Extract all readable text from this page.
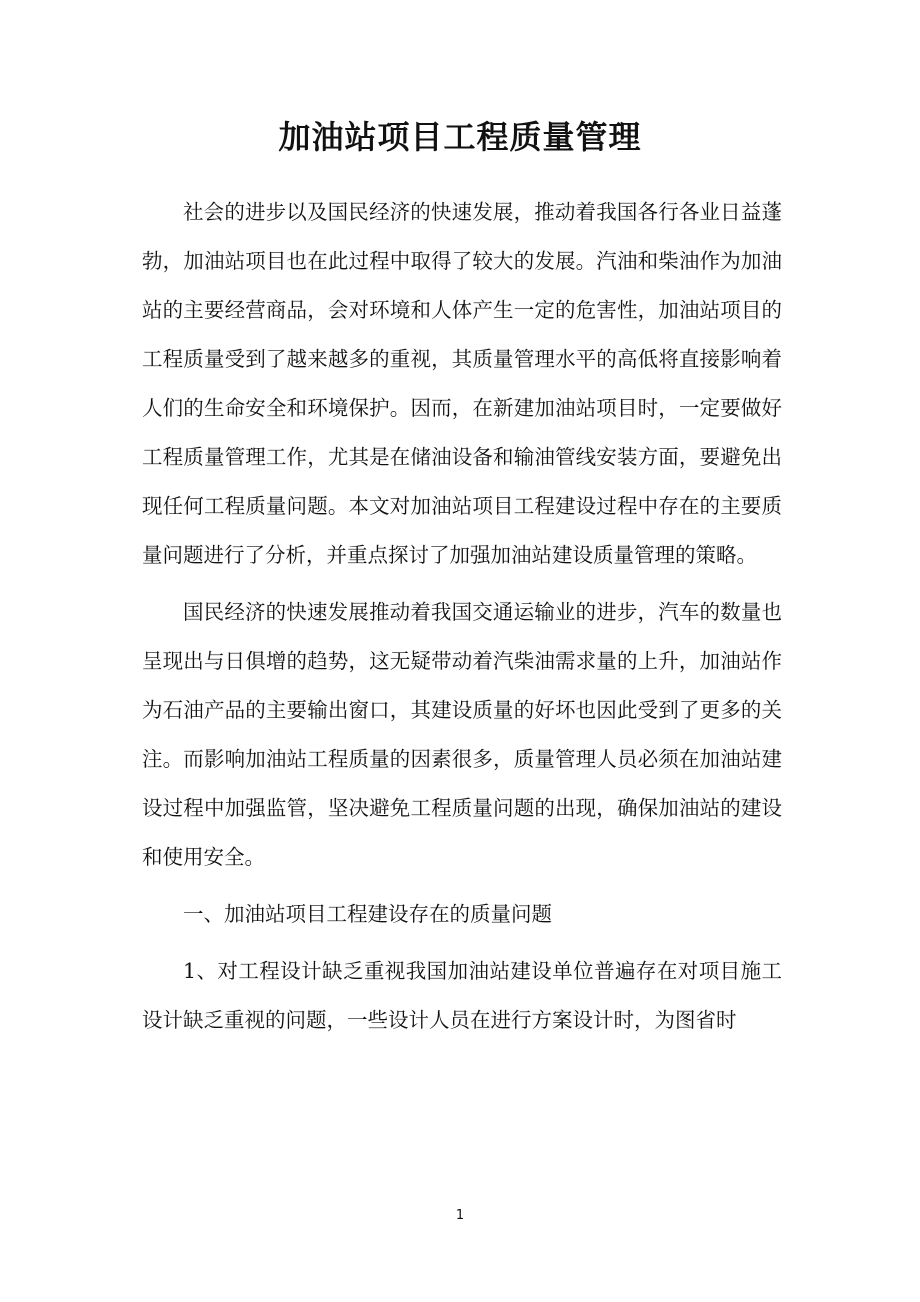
加油站项目工程质量管理

社会的进步以及国民经济的快速发展，推动着我国各行各业日益蓬勃，加油站项目也在此过程中取得了较大的发展。汽油和柴油作为加油站的主要经营商品，会对环境和人体产生一定的危害性，加油站项目的工程质量受到了越来越多的重视，其质量管理水平的高低将直接影响着人们的生命安全和环境保护。因而，在新建加油站项目时，一定要做好工程质量管理工作，尤其是在储油设备和输油管线安装方面，要避免出现任何工程质量问题。本文对加油站项目工程建设过程中存在的主要质量问题进行了分析，并重点探讨了加强加油站建设质量管理的策略。

国民经济的快速发展推动着我国交通运输业的进步，汽车的数量也呈现出与日俱增的趋势，这无疑带动着汽柴油需求量的上升，加油站作为石油产品的主要输出窗口，其建设质量的好坏也因此受到了更多的关注。而影响加油站工程质量的因素很多，质量管理人员必须在加油站建设过程中加强监管，坚决避免工程质量问题的出现，确保加油站的建设和使用安全。

一、加油站项目工程建设存在的质量问题

1、对工程设计缺乏重视我国加油站建设单位普遍存在对项目施工设计缺乏重视的问题，一些设计人员在进行方案设计时，为图省时

1
